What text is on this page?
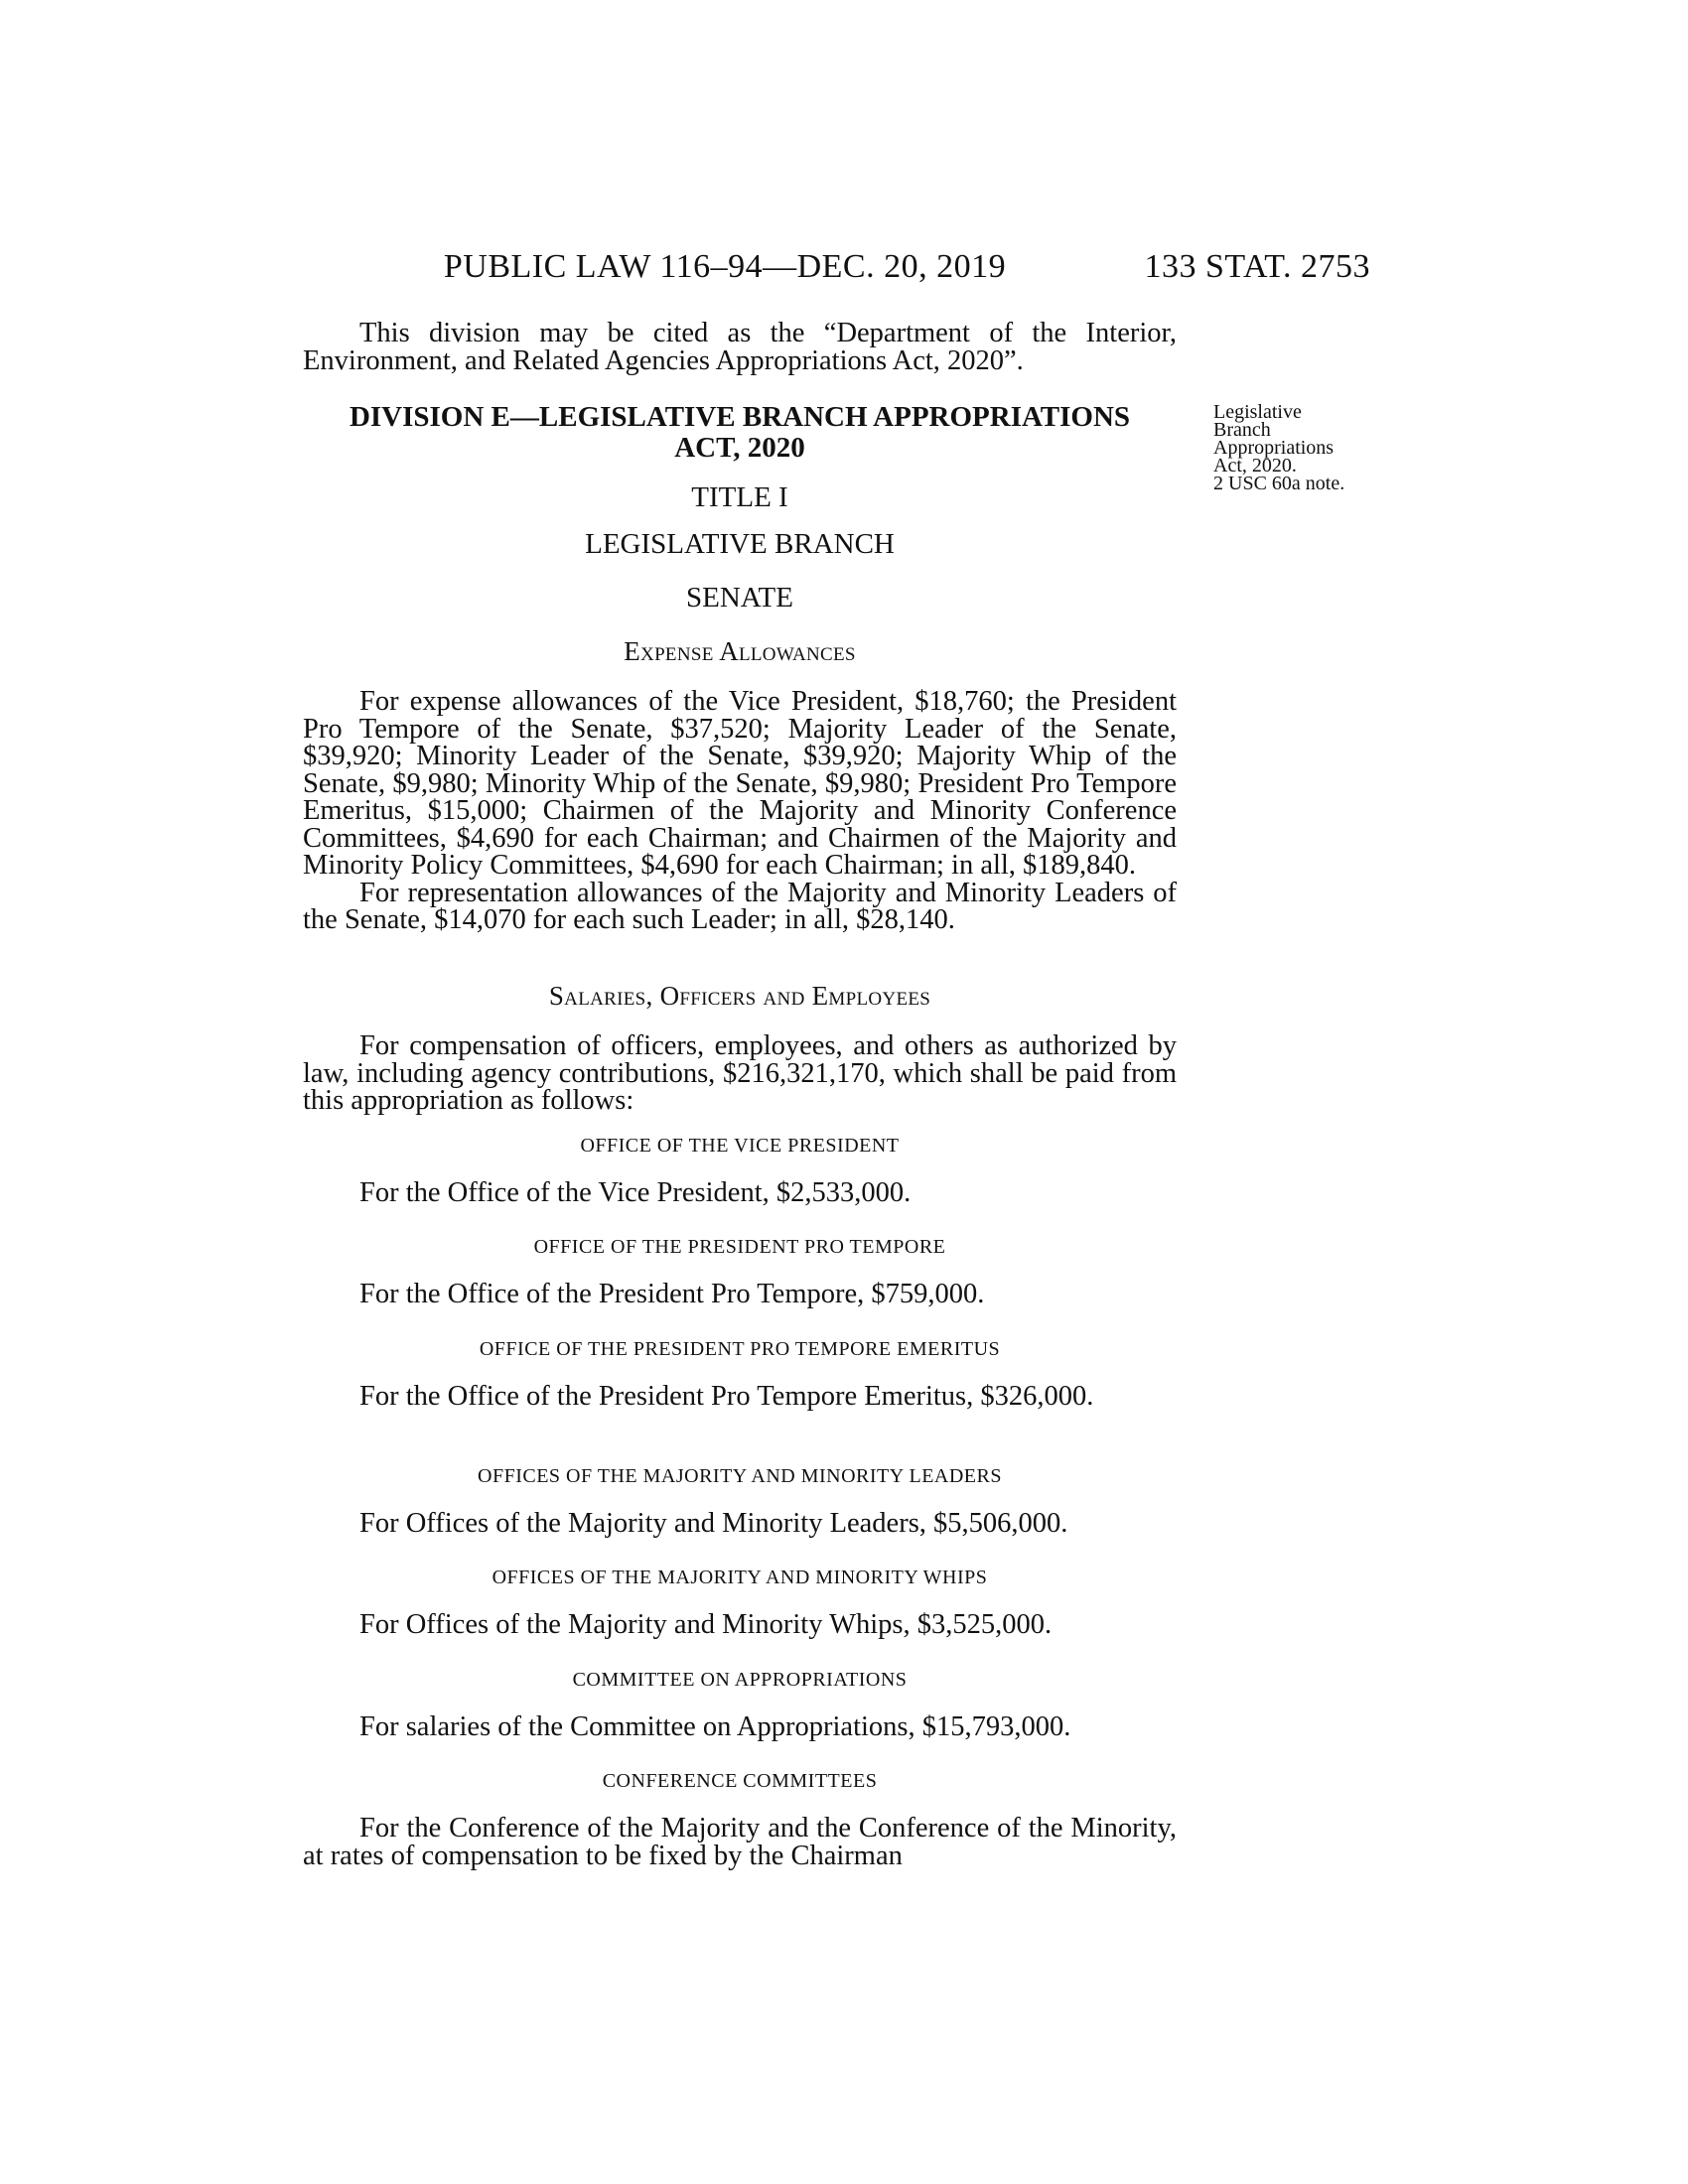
PUBLIC LAW 116–94—DEC. 20, 2019	133 STAT. 2753

This division may be cited as the “Department of the Interior, Environment, and Related Agencies Appropriations Act, 2020”.

DIVISION E—LEGISLATIVE BRANCH APPROPRIATIONS

ACT, 2020

Legislative
Branch
Appropriations
Act, 2020.
2 USC 60a note.

TITLE I

LEGISLATIVE BRANCH

SENATE

Expense Allowances

For expense allowances of the Vice President, $18,760; the President Pro Tempore of the Senate, $37,520; Majority Leader of the Senate, $39,920; Minority Leader of the Senate, $39,920; Majority Whip of the Senate, $9,980; Minority Whip of the Senate, $9,980; President Pro Tempore Emeritus, $15,000; Chairmen of the Majority and Minority Conference Committees, $4,690 for each Chairman; and Chairmen of the Majority and Minority Policy Committees, $4,690 for each Chairman; in all, $189,840.

For representation allowances of the Majority and Minority Leaders of the Senate, $14,070 for each such Leader; in all, $28,140.

Salaries, Officers and Employees

For compensation of officers, employees, and others as authorized by law, including agency contributions, $216,321,170, which shall be paid from this appropriation as follows:

OFFICE OF THE VICE PRESIDENT

For the Office of the Vice President, $2,533,000.

OFFICE OF THE PRESIDENT PRO TEMPORE

For the Office of the President Pro Tempore, $759,000.

OFFICE OF THE PRESIDENT PRO TEMPORE EMERITUS

For the Office of the President Pro Tempore Emeritus, $326,000.

OFFICES OF THE MAJORITY AND MINORITY LEADERS

For Offices of the Majority and Minority Leaders, $5,506,000.

OFFICES OF THE MAJORITY AND MINORITY WHIPS

For Offices of the Majority and Minority Whips, $3,525,000.

COMMITTEE ON APPROPRIATIONS

For salaries of the Committee on Appropriations, $15,793,000.

CONFERENCE COMMITTEES

For the Conference of the Majority and the Conference of the Minority, at rates of compensation to be fixed by the Chairman
